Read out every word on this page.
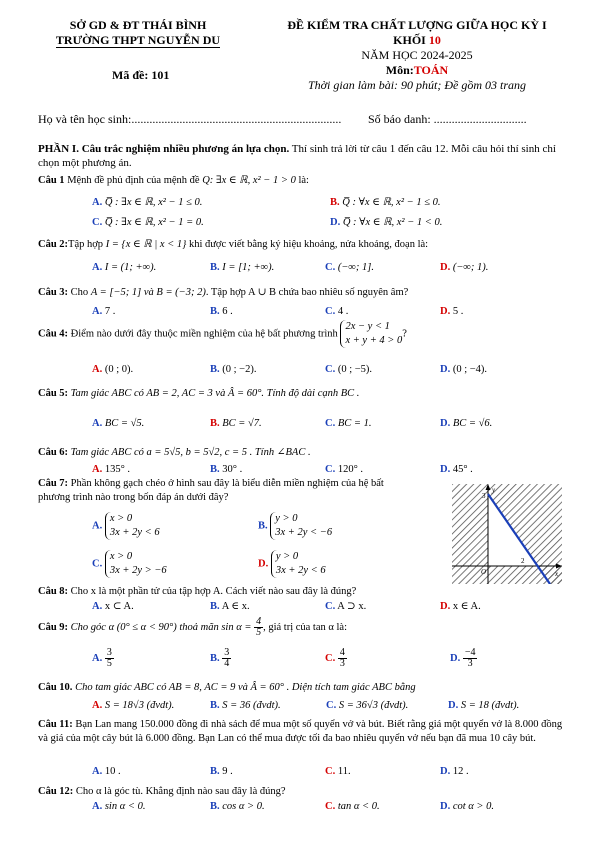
SỞ GD & ĐT THÁI BÌNH
TRƯỜNG THPT NGUYỄN DU
Mã đề: 101
ĐỀ KIỂM TRA CHẤT LƯỢNG GIỮA HỌC KỲ I
KHỐI 10
NĂM HỌC 2024-2025
Môn:TOÁN
Thời gian làm bài: 90 phút; Đề gồm 03 trang
Họ và tên học sinh:...................................................................... Số báo danh: ...............................
PHẦN I. Câu trắc nghiệm nhiều phương án lựa chọn. Thí sinh trả lời từ câu 1 đến câu 12. Mỗi câu hỏi thí sinh chỉ chọn một phương án.
Câu 1 Mệnh đề phủ định của mệnh đề Q: ∃x ∈ ℝ, x² − 1 > 0 là:
A. Q̅ : ∃x ∈ ℝ, x² − 1 ≤ 0.	B. Q̅ : ∀x ∈ ℝ, x² − 1 ≤ 0.
C. Q̅ : ∃x ∈ ℝ, x² − 1 = 0.	D. Q̅ : ∀x ∈ ℝ, x² − 1 < 0.
Câu 2:Tập hợp I = {x ∈ ℝ | x < 1} khi được viết bằng ký hiệu khoảng, nửa khoảng, đoạn là:
A. I = (1; +∞).	B. I = [1; +∞).	C. (−∞; 1].	D. (−∞; 1).
Câu 3: Cho A = [−5; 1] và B = (−3; 2). Tập hợp A ∪ B chứa bao nhiêu số nguyên âm?
A. 7 .	B. 6 .	C. 4 .	D. 5 .
Câu 4: Điểm nào dưới đây thuộc miền nghiệm của hệ bất phương trình 2x − y < 1
x + y + 4 > 0?
A. (0 ; 0).	B. (0 ; −2).	C. (0 ; −5).	D. (0 ; −4).
Câu 5: Tam giác ABC có AB = 2, AC = 3 và Â = 60°. Tính độ dài cạnh BC .
A. BC = √5.	B. BC = √7.	C. BC = 1.	D. BC = √6.
Câu 6: Tam giác ABC có a = 5√5, b = 5√2, c = 5 . Tính ∠BAC .
A. 135° .	B. 30° .	C. 120° .	D. 45° .
Câu 7: Phần không gạch chéo ở hình sau đây là biểu diễn miền nghiệm của hệ bất phương trình nào trong bốn đáp án dưới đây?
A. x > 0
3x + 2y < 6
B. y > 0
3x + 2y < −6
C. x > 0
3x + 2y > −6
D. y > 0
3x + 2y < 6
y
x
O
3
2
Câu 8: Cho x là một phần tử của tập hợp A. Cách viết nào sau đây là đúng?
A. x ⊂ A.	B. A ∈ x.	C. A ⊃ x.	D. x ∈ A.
Câu 9: Cho góc α (0° ≤ α < 90°) thoả mãn $\sin \alpha = \frac{4}{5}$ , giá trị của tan α là:
A. $\frac{3}{5}$	B. $\frac{3}{4}$	C. $\frac{4}{3}$	D. $\frac{-4}{3}$
Câu 10. Cho tam giác ABC có AB = 8, AC = 9 và Â = 60° . Diện tích tam giác ABC bằng
A. S = 18√3 (đvdt).	B. S = 36 (đvdt).	C. S = 36√3 (đvdt).	D. S = 18 (đvdt).
Câu 11: Bạn Lan mang 150.000 đồng đi nhà sách để mua một số quyển vở và bút. Biết rằng giá một quyển vở là 8.000 đồng và giá của một cây bút là 6.000 đồng. Bạn Lan có thể mua được tối đa bao nhiêu quyển vở nếu bạn đã mua 10 cây bút.
A. 10 .	B. 9 .	C. 11.	D. 12 .
Câu 12: Cho α là góc tù. Khẳng định nào sau đây là đúng?
A. sin α < 0.	B. cos α > 0.	C. tan α < 0.	D. cot α > 0.
